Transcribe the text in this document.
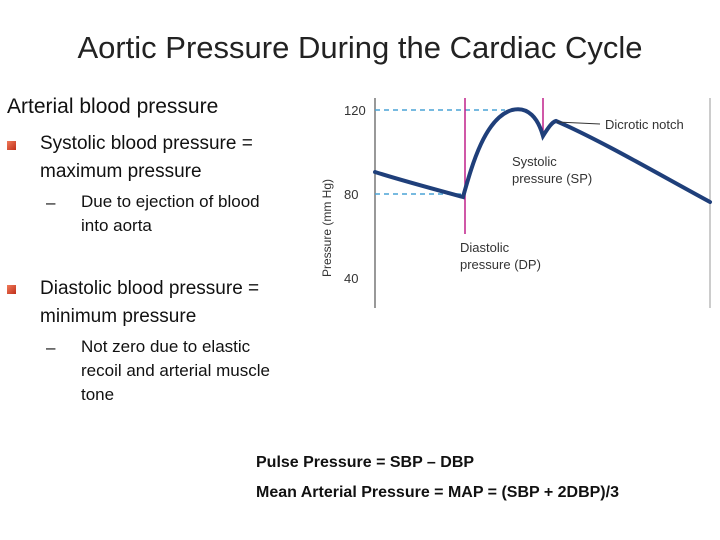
Aortic Pressure During the Cardiac Cycle
Arterial blood pressure
Systolic blood pressure =
maximum pressure
– Due to ejection of blood
into aorta
Diastolic blood pressure =
minimum pressure
– Not zero due to elastic
recoil and arterial muscle
tone
Pressure (mm Hg)
120
80
40
Dicrotic notch
Systolic
pressure (SP)
Diastolic
pressure (DP)
Pulse Pressure = SBP – DBP
Mean Arterial Pressure = MAP = (SBP + 2DBP)/3
